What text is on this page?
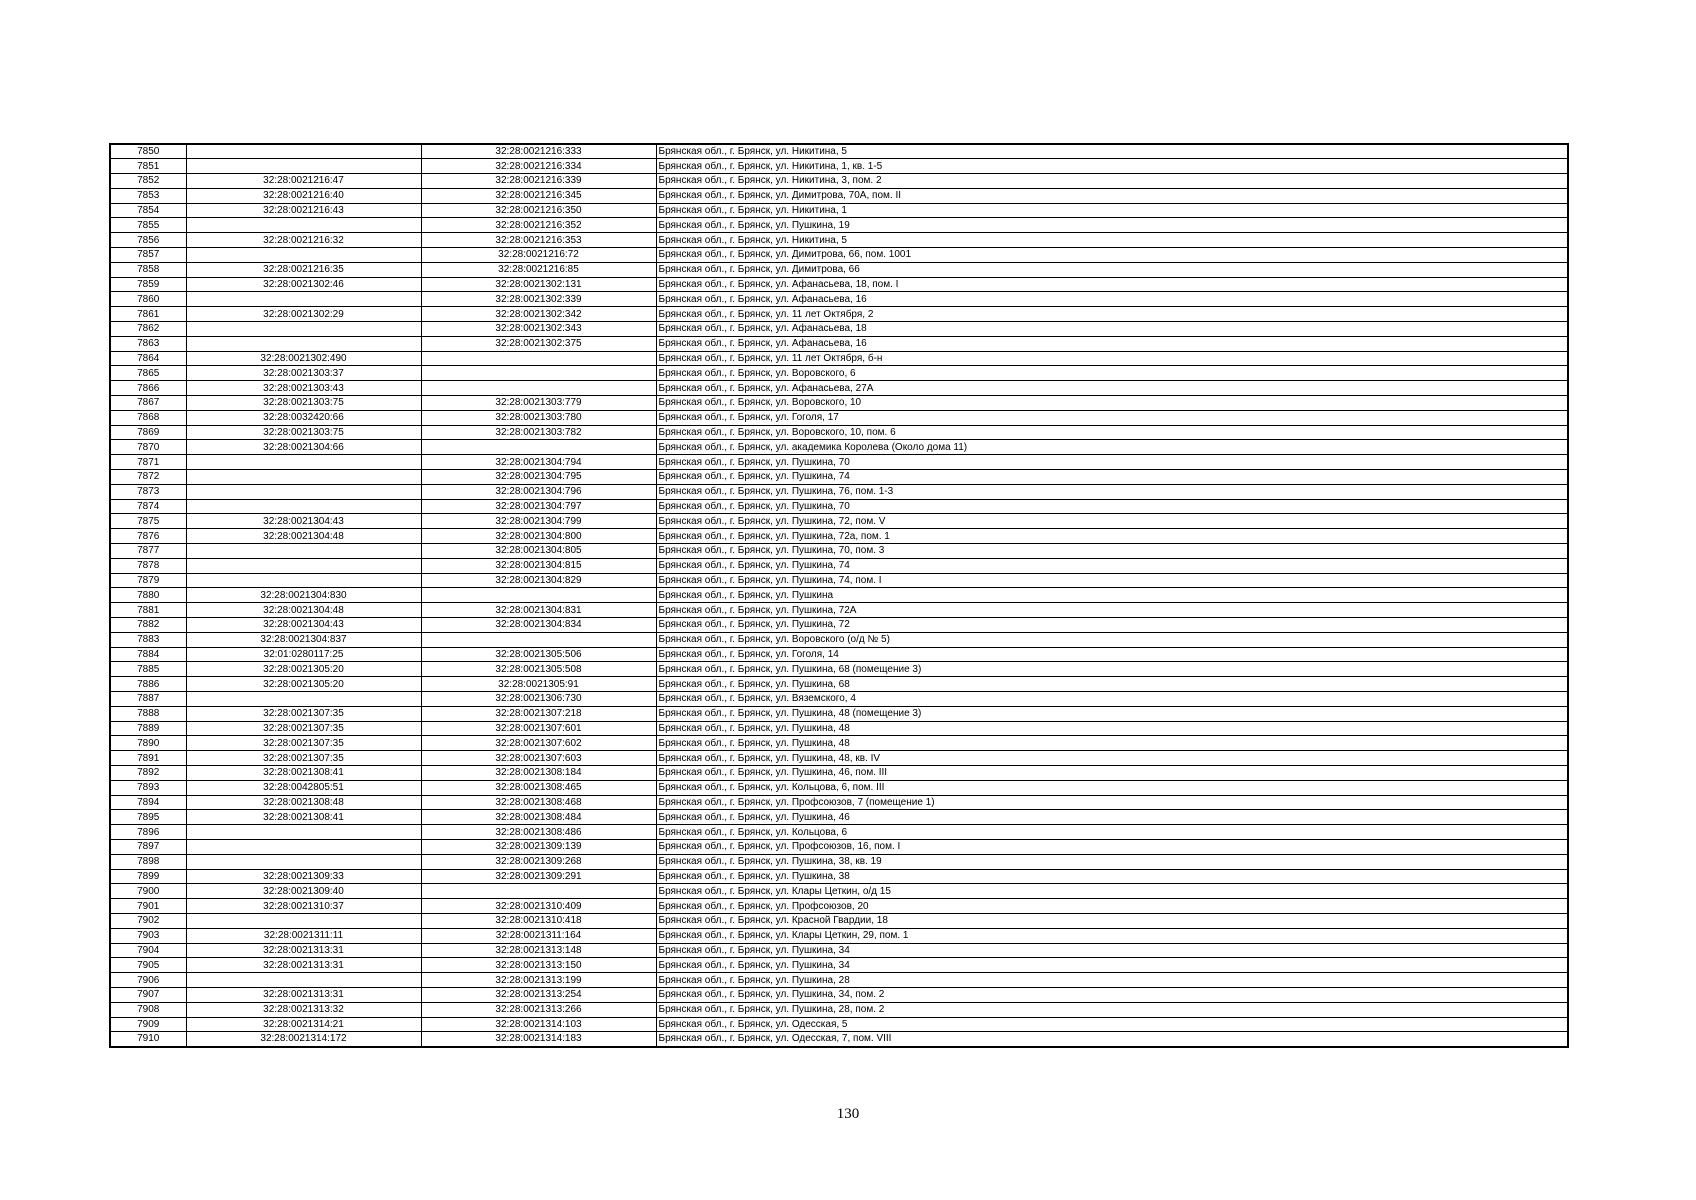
7850		32:28:0021216:333	Брянская обл., г. Брянск, ул. Никитина, 5
7851		32:28:0021216:334	Брянская обл., г. Брянск, ул. Никитина, 1, кв. 1-5
7852	32:28:0021216:47	32:28:0021216:339	Брянская обл., г. Брянск, ул. Никитина, 3, пом. 2
7853	32:28:0021216:40	32:28:0021216:345	Брянская обл., г. Брянск, ул. Димитрова, 70А, пом. II
7854	32:28:0021216:43	32:28:0021216:350	Брянская обл., г. Брянск, ул. Никитина, 1
7855		32:28:0021216:352	Брянская обл., г. Брянск, ул. Пушкина, 19
7856	32:28:0021216:32	32:28:0021216:353	Брянская обл., г. Брянск, ул. Никитина, 5
7857		32:28:0021216:72	Брянская обл., г. Брянск, ул. Димитрова, 66, пом. 1001
7858	32:28:0021216:35	32:28:0021216:85	Брянская обл., г. Брянск, ул. Димитрова, 66
7859	32:28:0021302:46	32:28:0021302:131	Брянская обл., г. Брянск, ул. Афанасьева, 18, пом. I
7860		32:28:0021302:339	Брянская обл., г. Брянск, ул. Афанасьева, 16
7861	32:28:0021302:29	32:28:0021302:342	Брянская обл., г. Брянск, ул. 11 лет Октября, 2
7862		32:28:0021302:343	Брянская обл., г. Брянск, ул. Афанасьева, 18
7863		32:28:0021302:375	Брянская обл., г. Брянск, ул. Афанасьева, 16
7864	32:28:0021302:490		Брянская обл., г. Брянск, ул. 11 лет Октября, б-н
7865	32:28:0021303:37		Брянская обл., г. Брянск, ул. Воровского, 6
7866	32:28:0021303:43		Брянская обл., г. Брянск, ул. Афанасьева, 27А
7867	32:28:0021303:75	32:28:0021303:779	Брянская обл., г. Брянск, ул. Воровского, 10
7868	32:28:0032420:66	32:28:0021303:780	Брянская обл., г. Брянск, ул. Гоголя, 17
7869	32:28:0021303:75	32:28:0021303:782	Брянская обл., г. Брянск, ул. Воровского, 10, пом. 6
7870	32:28:0021304:66		Брянская обл., г. Брянск, ул. академика Королева (Около дома 11)
7871		32:28:0021304:794	Брянская обл., г. Брянск, ул. Пушкина, 70
7872		32:28:0021304:795	Брянская обл., г. Брянск, ул. Пушкина, 74
7873		32:28:0021304:796	Брянская обл., г. Брянск, ул. Пушкина, 76, пом. 1-3
7874		32:28:0021304:797	Брянская обл., г. Брянск, ул. Пушкина, 70
7875	32:28:0021304:43	32:28:0021304:799	Брянская обл., г. Брянск, ул. Пушкина, 72, пом. V
7876	32:28:0021304:48	32:28:0021304:800	Брянская обл., г. Брянск, ул. Пушкина, 72а, пом. 1
7877		32:28:0021304:805	Брянская обл., г. Брянск, ул. Пушкина, 70, пом. 3
7878		32:28:0021304:815	Брянская обл., г. Брянск, ул. Пушкина, 74
7879		32:28:0021304:829	Брянская обл., г. Брянск, ул. Пушкина, 74, пом. I
7880	32:28:0021304:830		Брянская обл., г. Брянск, ул. Пушкина
7881	32:28:0021304:48	32:28:0021304:831	Брянская обл., г. Брянск, ул. Пушкина, 72А
7882	32:28:0021304:43	32:28:0021304:834	Брянская обл., г. Брянск, ул. Пушкина, 72
7883	32:28:0021304:837		Брянская обл., г. Брянск, ул. Воровского (о/д № 5)
7884	32:01:0280117:25	32:28:0021305:506	Брянская обл., г. Брянск, ул. Гоголя, 14
7885	32:28:0021305:20	32:28:0021305:508	Брянская обл., г. Брянск, ул. Пушкина, 68 (помещение 3)
7886	32:28:0021305:20	32:28:0021305:91	Брянская обл., г. Брянск, ул. Пушкина, 68
7887		32:28:0021306:730	Брянская обл., г. Брянск, ул. Вяземского, 4
7888	32:28:0021307:35	32:28:0021307:218	Брянская обл., г. Брянск, ул. Пушкина, 48 (помещение 3)
7889	32:28:0021307:35	32:28:0021307:601	Брянская обл., г. Брянск, ул. Пушкина, 48
7890	32:28:0021307:35	32:28:0021307:602	Брянская обл., г. Брянск, ул. Пушкина, 48
7891	32:28:0021307:35	32:28:0021307:603	Брянская обл., г. Брянск, ул. Пушкина, 48, кв. IV
7892	32:28:0021308:41	32:28:0021308:184	Брянская обл., г. Брянск, ул. Пушкина, 46, пом. III
7893	32:28:0042805:51	32:28:0021308:465	Брянская обл., г. Брянск, ул. Кольцова, 6, пом. III
7894	32:28:0021308:48	32:28:0021308:468	Брянская обл., г. Брянск, ул. Профсоюзов, 7 (помещение 1)
7895	32:28:0021308:41	32:28:0021308:484	Брянская обл., г. Брянск, ул. Пушкина, 46
7896		32:28:0021308:486	Брянская обл., г. Брянск, ул. Кольцова, 6
7897		32:28:0021309:139	Брянская обл., г. Брянск, ул. Профсоюзов, 16, пом. I
7898		32:28:0021309:268	Брянская обл., г. Брянск, ул. Пушкина, 38, кв. 19
7899	32:28:0021309:33	32:28:0021309:291	Брянская обл., г. Брянск, ул. Пушкина, 38
7900	32:28:0021309:40		Брянская обл., г. Брянск, ул. Клары Цеткин, о/д 15
7901	32:28:0021310:37	32:28:0021310:409	Брянская обл., г. Брянск, ул. Профсоюзов, 20
7902		32:28:0021310:418	Брянская обл., г. Брянск, ул. Красной Гвардии, 18
7903	32:28:0021311:11	32:28:0021311:164	Брянская обл., г. Брянск, ул. Клары Цеткин, 29, пом. 1
7904	32:28:0021313:31	32:28:0021313:148	Брянская обл., г. Брянск, ул. Пушкина, 34
7905	32:28:0021313:31	32:28:0021313:150	Брянская обл., г. Брянск, ул. Пушкина, 34
7906		32:28:0021313:199	Брянская обл., г. Брянск, ул. Пушкина, 28
7907	32:28:0021313:31	32:28:0021313:254	Брянская обл., г. Брянск, ул. Пушкина, 34, пом. 2
7908	32:28:0021313:32	32:28:0021313:266	Брянская обл., г. Брянск, ул. Пушкина, 28, пом. 2
7909	32:28:0021314:21	32:28:0021314:103	Брянская обл., г. Брянск, ул. Одесская, 5
7910	32:28:0021314:172	32:28:0021314:183	Брянская обл., г. Брянск, ул. Одесская, 7, пом. VIII
130
